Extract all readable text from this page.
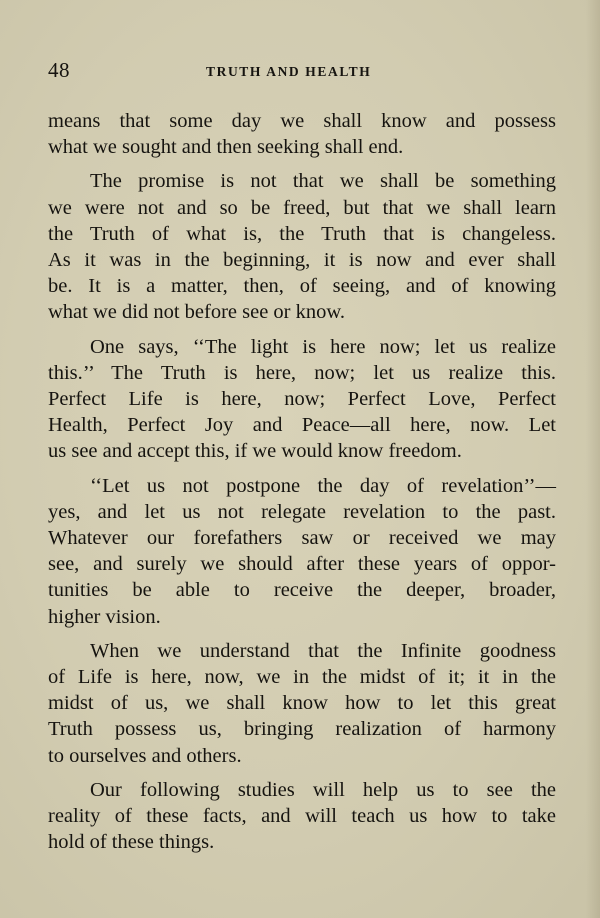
48	TRUTH AND HEALTH
means that some day we shall know and possess
what we sought and then seeking shall end.
The promise is not that we shall be something
we were not and so be freed, but that we shall learn
the Truth of what is, the Truth that is changeless.
As it was in the beginning, it is now and ever shall
be. It is a matter, then, of seeing, and of knowing
what we did not before see or know.
One says, ‘‘The light is here now; let us realize
this.’’ The Truth is here, now; let us realize this.
Perfect Life is here, now; Perfect Love, Perfect
Health, Perfect Joy and Peace—all here, now. Let
us see and accept this, if we would know freedom.
‘‘Let us not postpone the day of revelation’’—
yes, and let us not relegate revelation to the past.
Whatever our forefathers saw or received we may
see, and surely we should after these years of oppor-
tunities be able to receive the deeper, broader,
higher vision.
When we understand that the Infinite goodness
of Life is here, now, we in the midst of it; it in the
midst of us, we shall know how to let this great
Truth possess us, bringing realization of harmony
to ourselves and others.
Our following studies will help us to see the
reality of these facts, and will teach us how to take
hold of these things.
